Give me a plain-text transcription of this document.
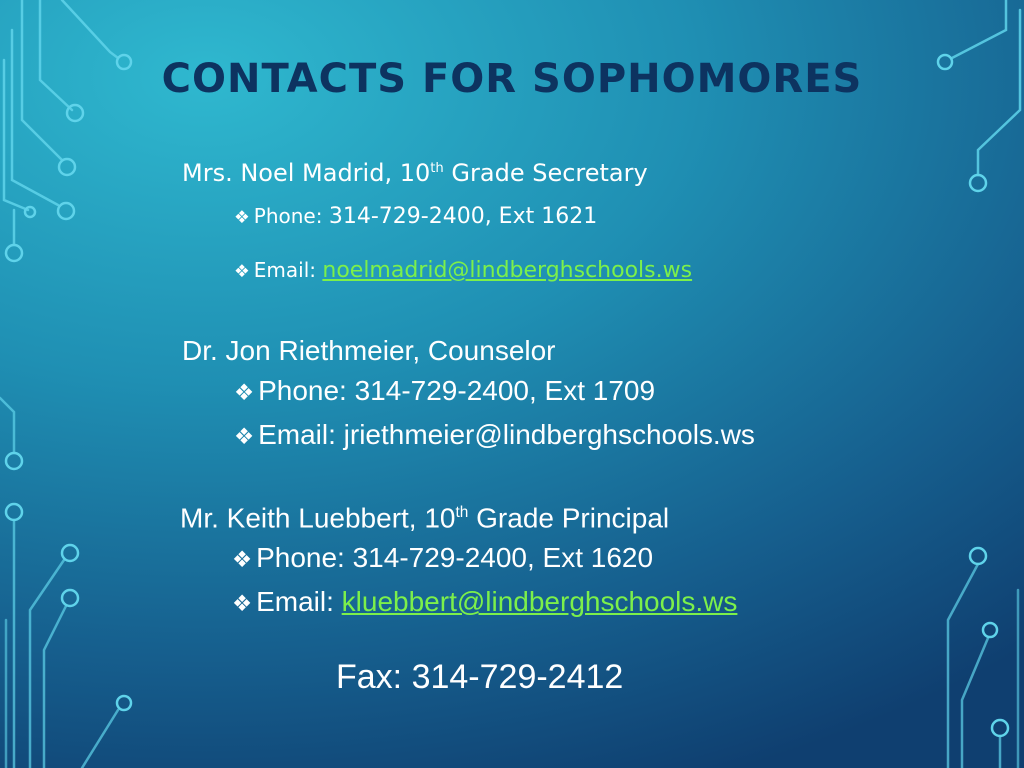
CONTACTS FOR SOPHOMORES
Mrs. Noel Madrid, 10th Grade Secretary
❖ Phone: 314-729-2400, Ext 1621
❖ Email: noelmadrid@lindberghschools.ws
Dr. Jon Riethmeier, Counselor
❖ Phone: 314-729-2400, Ext 1709
❖ Email: jriethmeier@lindberghschools.ws
Mr. Keith Luebbert, 10th Grade Principal
❖ Phone: 314-729-2400, Ext 1620
❖ Email: kluebbert@lindberghschools.ws

Fax: 314-729-2412
